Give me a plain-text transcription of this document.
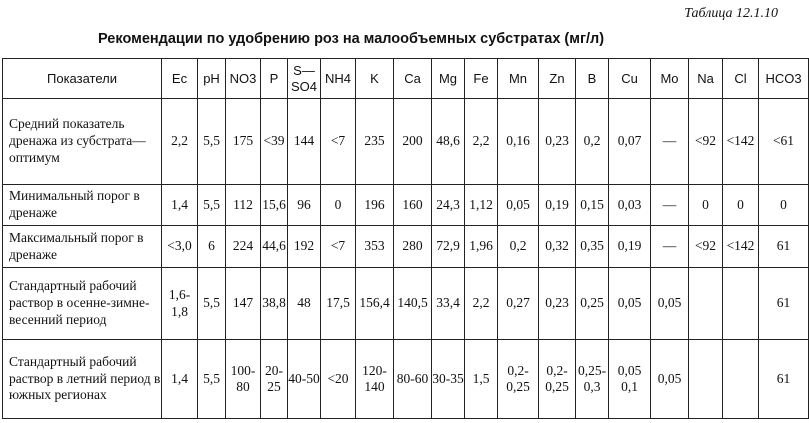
Таблица 12.1.10
Рекомендации по удобрению роз на малообъемных субстратах (мг/л)
Показатели	Ec	pH	NO3	P	S—SO4	NH4	K	Ca	Mg	Fe	Mn	Zn	B	Cu	Mo	Na	Cl	HCO3
Средний показатель дренажа из субстрата—оптимум	2,2	5,5	175	<39	144	<7	235	200	48,6	2,2	0,16	0,23	0,2	0,07	—	<92	<142	<61
Минимальный порог в дренаже	1,4	5,5	112	15,6	96	0	196	160	24,3	1,12	0,05	0,19	0,15	0,03	—	0	0	0
Максимальный порог в дренаже	<3,0	6	224	44,6	192	<7	353	280	72,9	1,96	0,2	0,32	0,35	0,19	—	<92	<142	61
Стандартный рабочий раствор в осенне-зимне-весенний период	1,6-1,8	5,5	147	38,8	48	17,5	156,4	140,5	33,4	2,2	0,27	0,23	0,25	0,05	0,05			61
Стандартный рабочий раствор в летний период в южных регионах	1,4	5,5	100-80	20-25	40-50	<20	120-140	80-60	30-35	1,5	0,2-0,25	0,2-0,25	0,25-0,3	0,05 0,1	0,05			61
